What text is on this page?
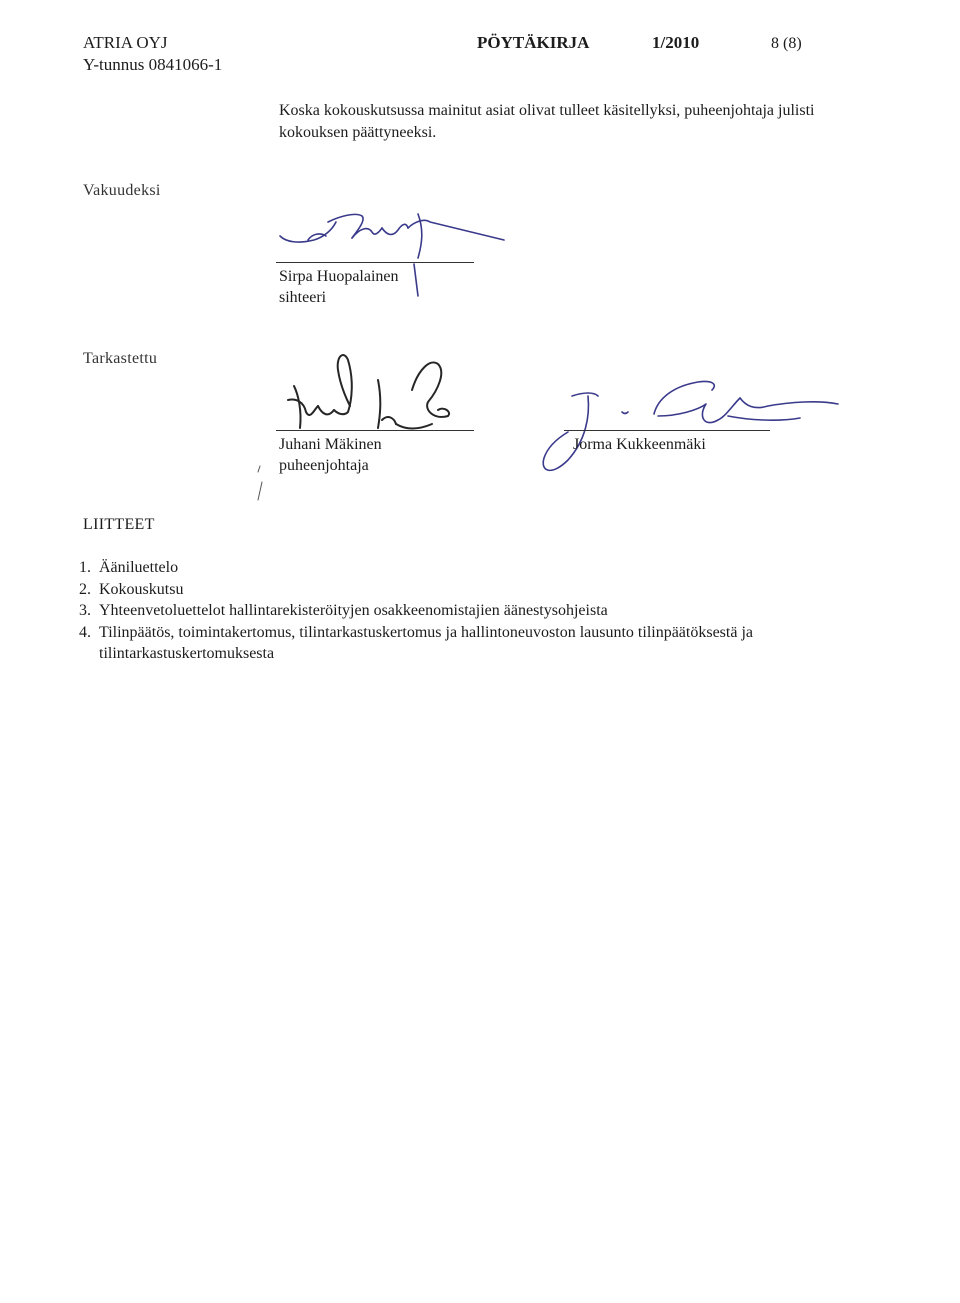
ATRIA OYJ
Y-tunnus 0841066-1
PÖYTÄKIRJA	1/2010	8 (8)
Koska kokouskutsussa mainitut asiat olivat tulleet käsitellyksi, puheenjohtaja julisti kokouksen päättyneeksi.
Vakuudeksi
Sirpa Huopalainen
sihteeri
Tarkastettu
Juhani Mäkinen
puheenjohtaja
Jorma Kukkeenmäki
LIITTEET
1. Ääniluettelo
2. Kokouskutsu
3. Yhteenvetoluettelot hallintarekisteröityjen osakkeenomistajien äänestysohjeista
4. Tilinpäätös, toimintakertomus, tilintarkastuskertomus ja hallintoneuvoston lausunto tilinpäätöksestä ja tilintarkastuskertomuksesta
